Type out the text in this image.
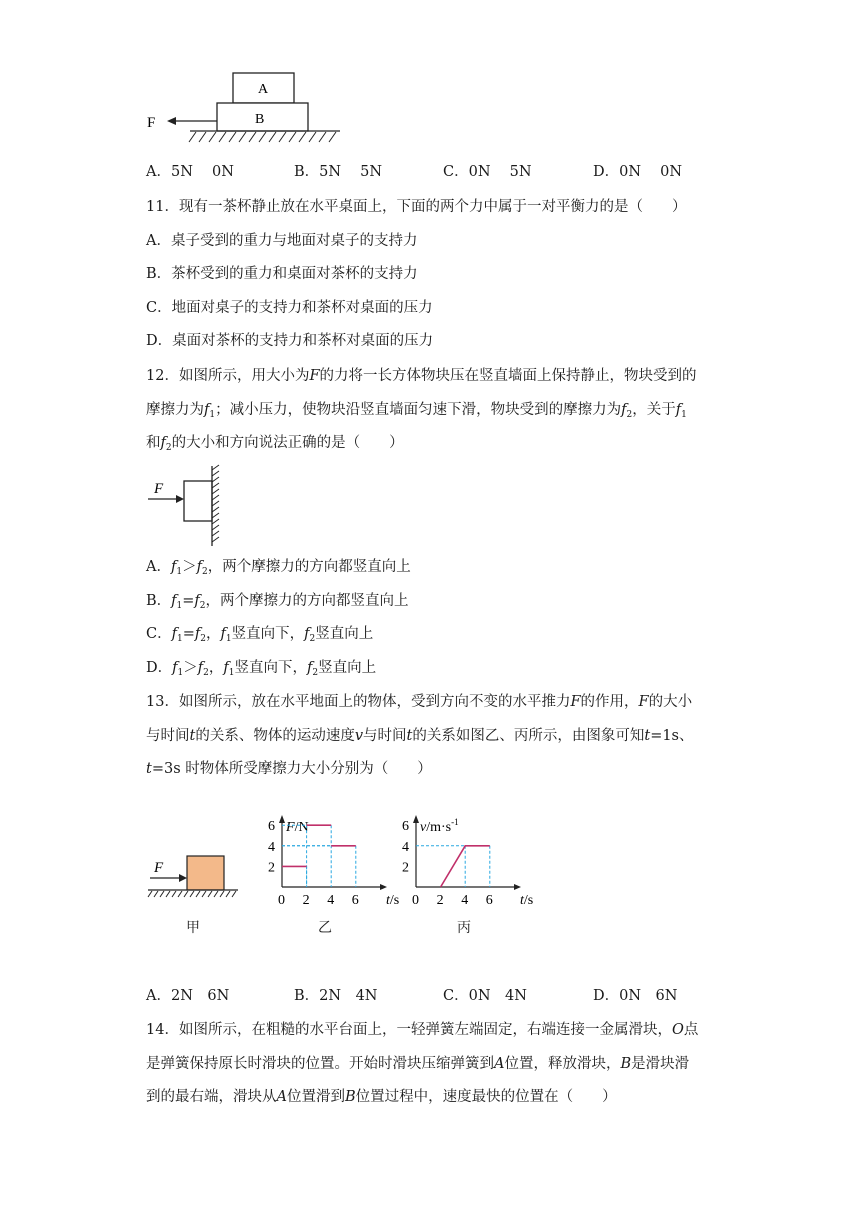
A
B
F
A．5N　 0N	B．5N　 5N	C．0N　 5N	D．0N　 0N
11．现有一茶杯静止放在水平桌面上，下面的两个力中属于一对平衡力的是（　　）
A．桌子受到的重力与地面对桌子的支持力
B．茶杯受到的重力和桌面对茶杯的支持力
C．地面对桌子的支持力和茶杯对桌面的压力
D．桌面对茶杯的支持力和茶杯对桌面的压力
12．如图所示，用大小为F的力将一长方体物块压在竖直墙面上保持静止，物块受到的
摩擦力为$f_1$；减小压力，使物块沿竖直墙面匀速下滑，物块受到的摩擦力为$f_2$，关于$f_1$
和$f_2$的大小和方向说法正确的是（　　）
F
A．$f_1>f_2$，两个摩擦力的方向都竖直向上
B．$f_1=f_2$，两个摩擦力的方向都竖直向上
C．$f_1=f_2$，$f_1$竖直向下，$f_2$竖直向上
D．$f_1>f_2$，$f_1$竖直向下，$f_2$竖直向上
13．如图所示，放在水平地面上的物体，受到方向不变的水平推力F的作用，F的大小
与时间t的关系、物体的运动速度v与时间t的关系如图乙、丙所示，由图象可知t=1s、
t=3s 时物体所受摩擦力大小分别为（　　）
F
0 2 4 6
2
4
6
t/s
F/N
0 2 4 6
2
4
6
t/s
$v/m\cdot s^{-1}$
甲	乙	丙
A．2N　6N	B．2N　4N	C．0N　4N	D．0N　6N
14．如图所示，在粗糙的水平台面上，一轻弹簧左端固定，右端连接一金属滑块，O点
是弹簧保持原长时滑块的位置。开始时滑块压缩弹簧到A位置，释放滑块，B是滑块滑
到的最右端，滑块从A位置滑到B位置过程中，速度最快的位置在（　　）
